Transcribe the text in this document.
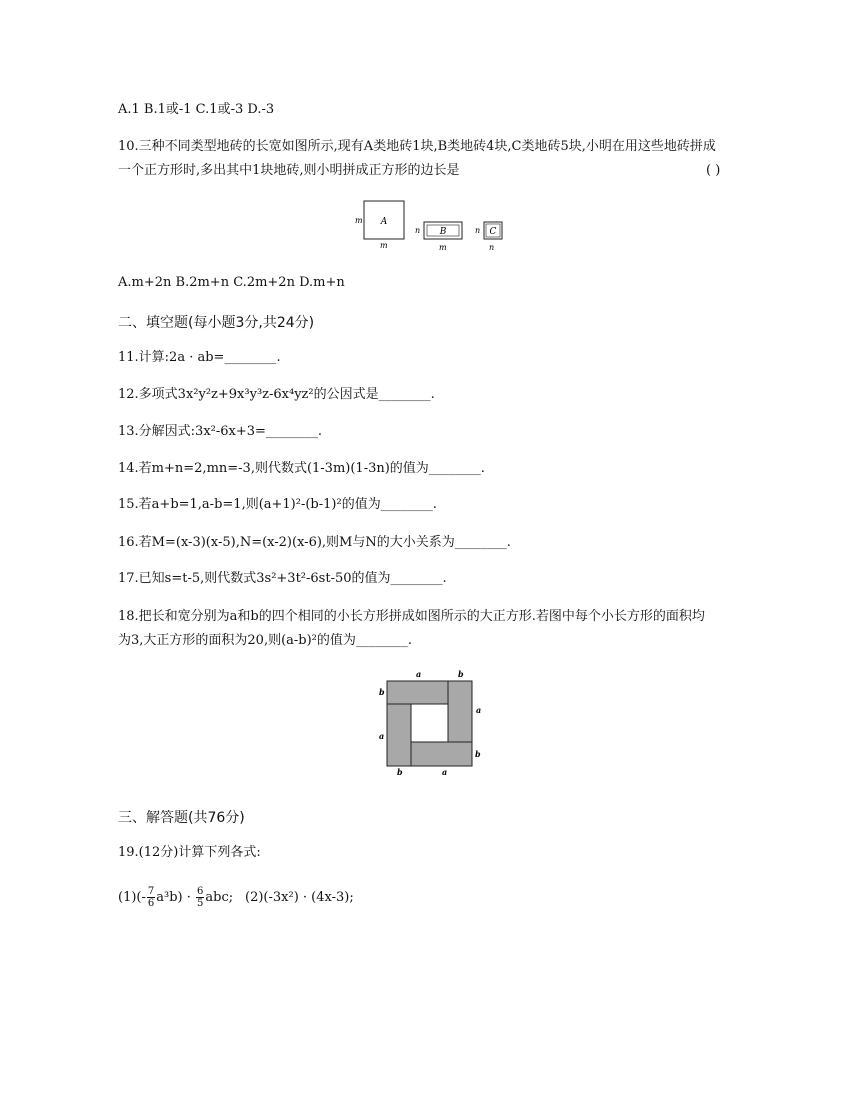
A.1 B.1或-1 C.1或-3 D.-3
10.三种不同类型地砖的长宽如图所示,现有A类地砖1块,B类地砖4块,C类地砖5块,小明在用这些地砖拼成
一个正方形时,多出其中1块地砖,则小明拼成正方形的边长是	( )
A
m
m
B
n
m
C
n
n
A.m+2n B.2m+n C.2m+2n D.m+n
二、填空题(每小题3分,共24分)
11.计算:2a · ab=________.
12.多项式3x²y²z+9x³y³z-6x⁴yz²的公因式是________.
13.分解因式:3x²-6x+3=________.
14.若m+n=2,mn=-3,则代数式(1-3m)(1-3n)的值为________.
15.若a+b=1,a-b=1,则(a+1)²-(b-1)²的值为________.
16.若M=(x-3)(x-5),N=(x-2)(x-6),则M与N的大小关系为________.
17.已知s=t-5,则代数式3s²+3t²-6st-50的值为________.
18.把长和宽分别为a和b的四个相同的小长方形拼成如图所示的大正方形.若图中每个小长方形的面积均
为3,大正方形的面积为20,则(a-b)²的值为________.
a	b
b
a
a
b
b	a
三、解答题(共76分)
19.(12分)计算下列各式:
$(1)(- \frac{7}{6} a^3b) \cdot \frac{6}{5}$ abc; (2)(-3x²) · (4x-3);
